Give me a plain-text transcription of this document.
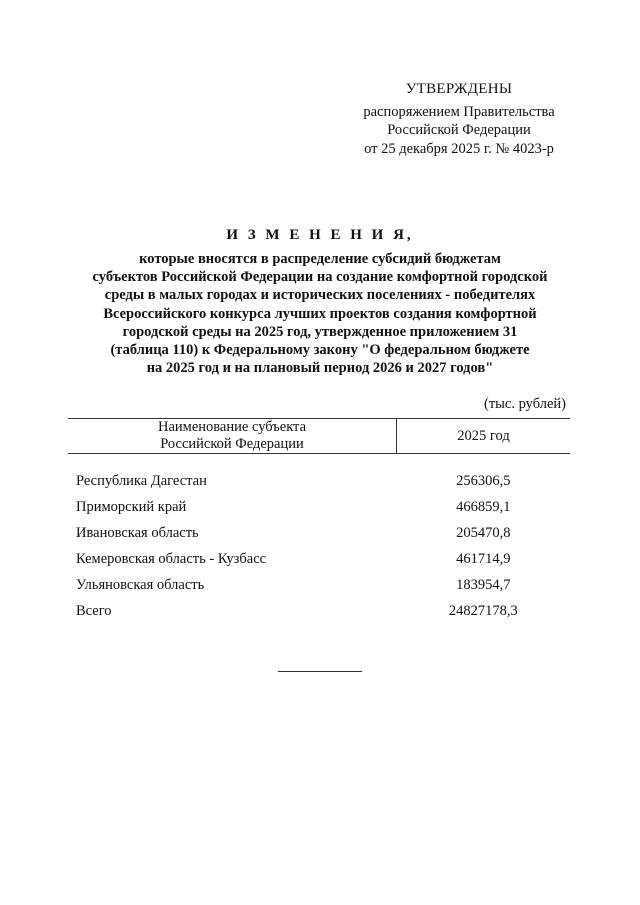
УТВЕРЖДЕНЫ
распоряжением Правительства
Российской Федерации
от 25 декабря 2025 г. № 4023-р
И З М Е Н Е Н И Я,
которые вносятся в распределение субсидий бюджетам
субъектов Российской Федерации на создание комфортной городской
среды в малых городах и исторических поселениях - победителях
Всероссийского конкурса лучших проектов создания комфортной
городской среды на 2025 год, утвержденное приложением 31
(таблица 110) к Федеральному закону "О федеральном бюджете
на 2025 год и на плановый период 2026 и 2027 годов"
(тыс. рублей)
Наименование субъекта
Российской Федерации	2025 год

Республика Дагестан	256306,5
Приморский край	466859,1
Ивановская область	205470,8
Кемеровская область - Кузбасс	461714,9
Ульяновская область	183954,7
Всего	24827178,3
